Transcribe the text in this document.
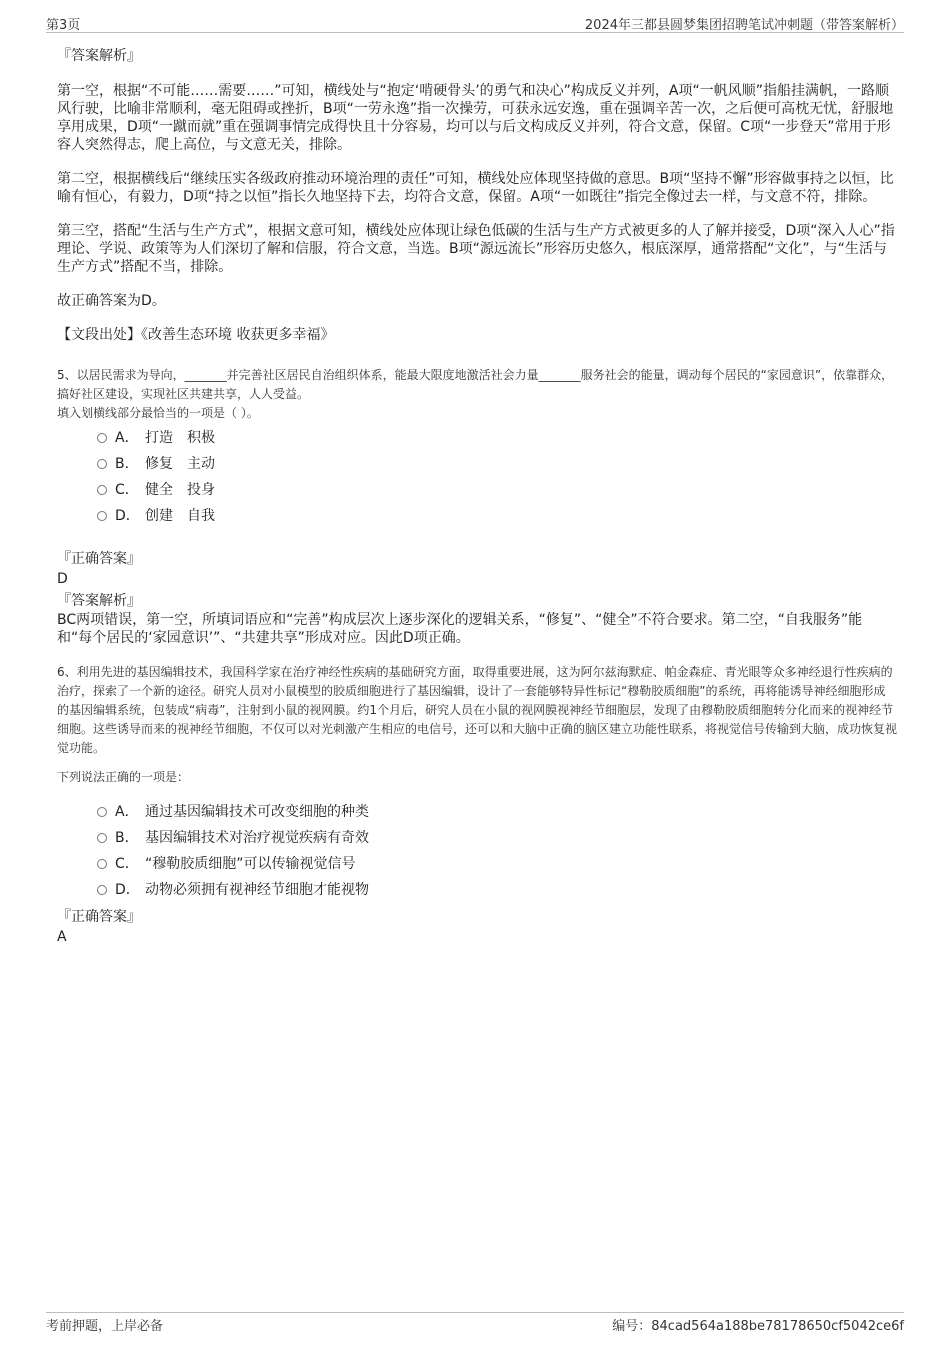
第3页	2024年三都县圆梦集团招聘笔试冲刺题（带答案解析）
『答案解析』

第一空，根据“不可能……需要……”可知，横线处与“抱定‘啃硬骨头’的勇气和决心”构成反义并列，A项“一帆风顺”指船挂满帆，一路顺风行驶，比喻非常顺利，毫无阻碍或挫折，B项“一劳永逸”指一次操劳，可获永远安逸，重在强调辛苦一次，之后便可高枕无忧，舒服地享用成果，D项“一蹴而就”重在强调事情完成得快且十分容易，均可以与后文构成反义并列，符合文意，保留。C项“一步登天”常用于形容人突然得志，爬上高位，与文意无关，排除。

第二空，根据横线后“继续压实各级政府推动环境治理的责任”可知，横线处应体现坚持做的意思。B项“坚持不懈”形容做事持之以恒，比喻有恒心，有毅力，D项“持之以恒”指长久地坚持下去，均符合文意，保留。A项“一如既往”指完全像过去一样，与文意不符，排除。

第三空，搭配“生活与生产方式”，根据文意可知，横线处应体现让绿色低碳的生活与生产方式被更多的人了解并接受，D项“深入人心”指理论、学说、政策等为人们深切了解和信服，符合文意，当选。B项“源远流长”形容历史悠久，根底深厚，通常搭配“文化”，与“生活与生产方式”搭配不当，排除。

故正确答案为D。

【文段出处】《改善生态环境 收获更多幸福》

5、以居民需求为导向，_______并完善社区居民自治组织体系，能最大限度地激活社会力量_______服务社会的能量，调动每个居民的“家园意识”，依靠群众，搞好社区建设，实现社区共建共享，人人受益。

填入划横线部分最恰当的一项是（ ）。

A． 打造　积极
B． 修复　主动
C． 健全　投身
D． 创建　自我
『正确答案』
D
『答案解析』

BC两项错误，第一空，所填词语应和“完善”构成层次上逐步深化的逻辑关系，“修复”、“健全”不符合要求。第二空，“自我服务”能和“每个居民的‘家园意识’”、“共建共享”形成对应。因此D项正确。

6、利用先进的基因编辑技术，我国科学家在治疗神经性疾病的基础研究方面，取得重要进展，这为阿尔兹海默症、帕金森症、青光眼等众多神经退行性疾病的治疗，探索了一个新的途径。研究人员对小鼠模型的胶质细胞进行了基因编辑，设计了一套能够特异性标记“穆勒胶质细胞”的系统，再将能诱导神经细胞形成的基因编辑系统，包装成“病毒”，注射到小鼠的视网膜。约1个月后，研究人员在小鼠的视网膜视神经节细胞层，发现了由穆勒胶质细胞转分化而来的视神经节细胞。这些诱导而来的视神经节细胞，不仅可以对光刺激产生相应的电信号，还可以和大脑中正确的脑区建立功能性联系，将视觉信号传输到大脑，成功恢复视觉功能。

下列说法正确的一项是：

A． 通过基因编辑技术可改变细胞的种类
B． 基因编辑技术对治疗视觉疾病有奇效
C． “穆勒胶质细胞”可以传输视觉信号
D． 动物必须拥有视神经节细胞才能视物
『正确答案』
A
考前押题，上岸必备	编号：84cad564a188be78178650cf5042ce6f
